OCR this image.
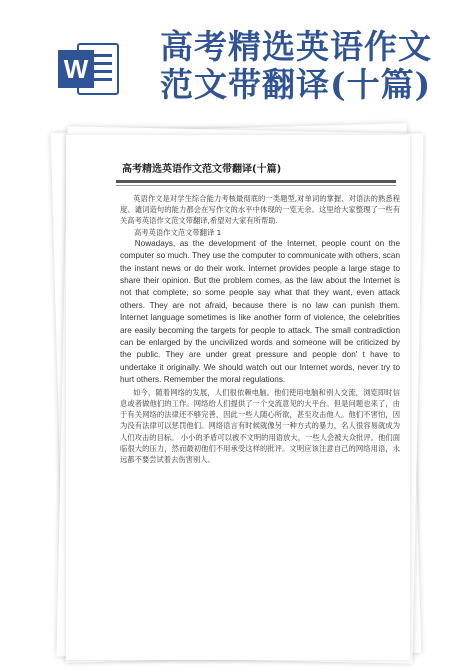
W
高考精选英语作文
范文带翻译(十篇)
高考精选英语作文范文带翻译(十篇)

英语作文是对学生综合能力考核最彻底的一类题型,对单词的掌握、对语法的熟悉程度、谴词造句的能力都会在写作文的水平中体现的一览无余。这里给大家整理了一些有关高考英语作文范文带翻译,希望对大家有所帮助.

高考英语作文范文带翻译 1

Nowadays, as the development of the Internet, people count on the computer so much. They use the computer to communicate with others, scan the instant news or do their work. Internet provides people a large stage to share their opinion. But the problem comes, as the law about the Internet is not that complete, so some people say what that they want, even attack others. They are not afraid, because there is no law can punish them. Internet language sometimes is like another form of violence, the celebrities are easily becoming the targets for people to attack. The small contradiction can be enlarged by the uncivilized words and someone will be criticized by the public. They are under great pressure and people don' t have to undertake it originally. We should watch out our Internet words, never try to hurt others. Remember the moral regulations.

如今，随着网络的发展，人们很依赖电脑。他们使用电脑和别人交流，浏览即时信息或者做他们的工作。网络给人们提供了一个交流意见的大平台。但是问题也来了，由于有关网络的法律还不够完善，因此一些人随心所欲，甚至攻击他人。他们不害怕，因为没有法律可以惩罚他们。网络语言有时候就像另一种方式的暴力，名人很容易就成为人们攻击的目标。 小小的矛盾可以被不文明的用语放大，一些人会被大众批评。他们面临很大的压力，然而最初他们不用承受这样的批评。文明应该注意自己的网络用语，永远都不要尝试着去伤害别人。
